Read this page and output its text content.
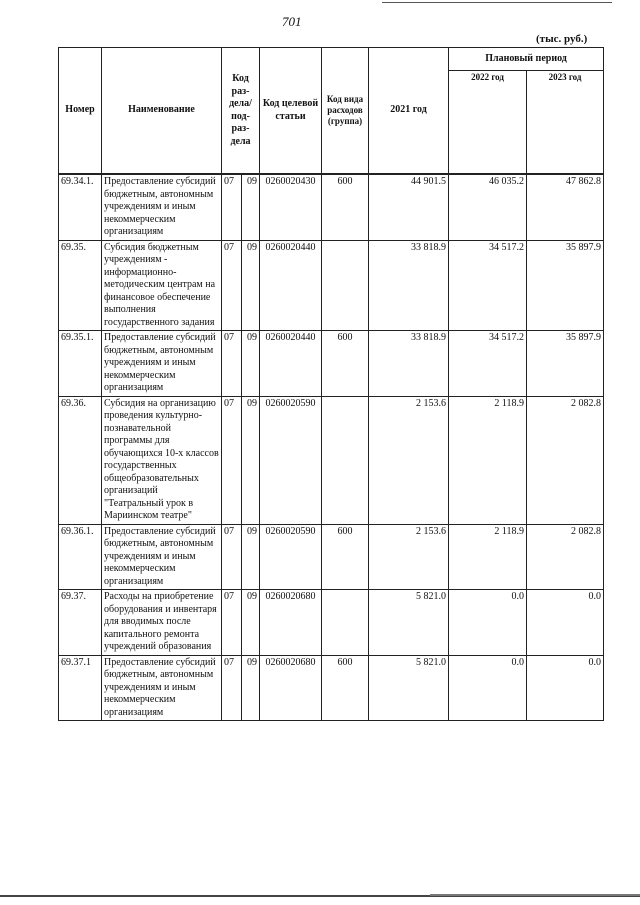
701
(тыс. руб.)
Номер	Наименование	Код раз-дела/ под-раз-дела		Код целевой статьи	Код вида расходов (группа)	2021 год	Плановый период	
							2022 год	2023 год

69.34.1.	Предоставление субсидий бюджетным, автономным учреждениям и иным некоммерческим организациям	07	09	0260020430	600	44 901.5	46 035.2	47 862.8
69.35.	Субсидия бюджетным учреждениям - информационно-методическим центрам на финансовое обеспечение выполнения государственного задания	07	09	0260020440		33 818.9	34 517.2	35 897.9
69.35.1.	Предоставление субсидий бюджетным, автономным учреждениям и иным некоммерческим организациям	07	09	0260020440	600	33 818.9	34 517.2	35 897.9
69.36.	Субсидия на организацию проведения культурно-познавательной программы для обучающихся 10-х классов государственных общеобразовательных организаций "Театральный урок в Мариинском театре"	07	09	0260020590		2 153.6	2 118.9	2 082.8
69.36.1.	Предоставление субсидий бюджетным, автономным учреждениям и иным некоммерческим организациям	07	09	0260020590	600	2 153.6	2 118.9	2 082.8
69.37.	Расходы на приобретение оборудования и инвентаря для вводимых после капитального ремонта учреждений образования	07	09	0260020680		5 821.0	0.0	0.0
69.37.1	Предоставление субсидий бюджетным, автономным учреждениям и иным некоммерческим организациям	07	09	0260020680	600	5 821.0	0.0	0.0
